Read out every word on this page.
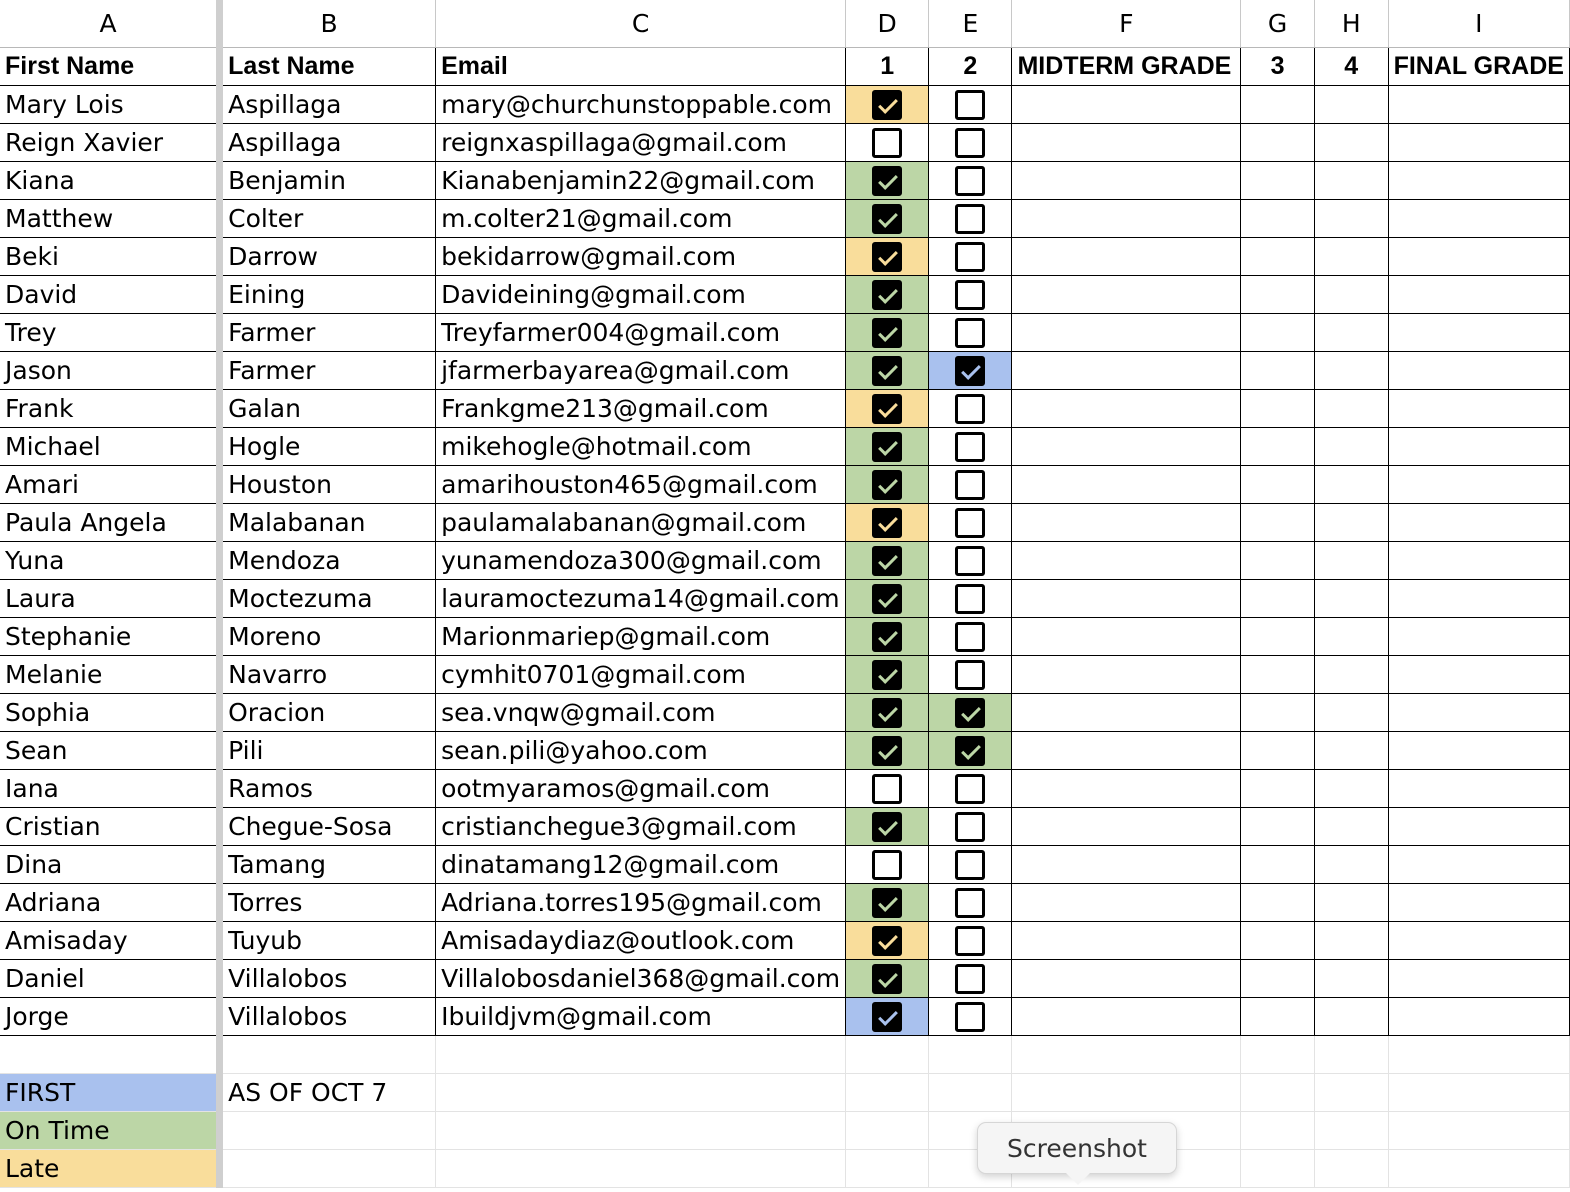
A	B	C	D	E	F	G	H	I
First Name	Last Name	Email	1	2	MIDTERM GRADE	3	4	FINAL GRADE
Mary Lois	Aspillaga	mary@churchunstoppable.com						
Reign Xavier	Aspillaga	reignxaspillaga@gmail.com						
Kiana	Benjamin	Kianabenjamin22@gmail.com						
Matthew	Colter	m.colter21@gmail.com						
Beki	Darrow	bekidarrow@gmail.com						
David	Eining	Davideining@gmail.com						
Trey	Farmer	Treyfarmer004@gmail.com						
Jason	Farmer	jfarmerbayarea@gmail.com						
Frank	Galan	Frankgme213@gmail.com						
Michael	Hogle	mikehogle@hotmail.com						
Amari	Houston	amarihouston465@gmail.com						
Paula Angela	Malabanan	paulamalabanan@gmail.com						
Yuna	Mendoza	yunamendoza300@gmail.com						
Laura	Moctezuma	lauramoctezuma14@gmail.com						
Stephanie	Moreno	Marionmariep@gmail.com						
Melanie	Navarro	cymhit0701@gmail.com						
Sophia	Oracion	sea.vnqw@gmail.com						
Sean	Pili	sean.pili@yahoo.com						
Iana	Ramos	ootmyaramos@gmail.com						
Cristian	Chegue-Sosa	cristianchegue3@gmail.com						
Dina	Tamang	dinatamang12@gmail.com						
Adriana	Torres	Adriana.torres195@gmail.com						
Amisaday	Tuyub	Amisadaydiaz@outlook.com						
Daniel	Villalobos	Villalobosdaniel368@gmail.com						
Jorge	Villalobos	Ibuildjvm@gmail.com						

FIRST	AS OF OCT 7							
On Time								
Late								
Screenshot
